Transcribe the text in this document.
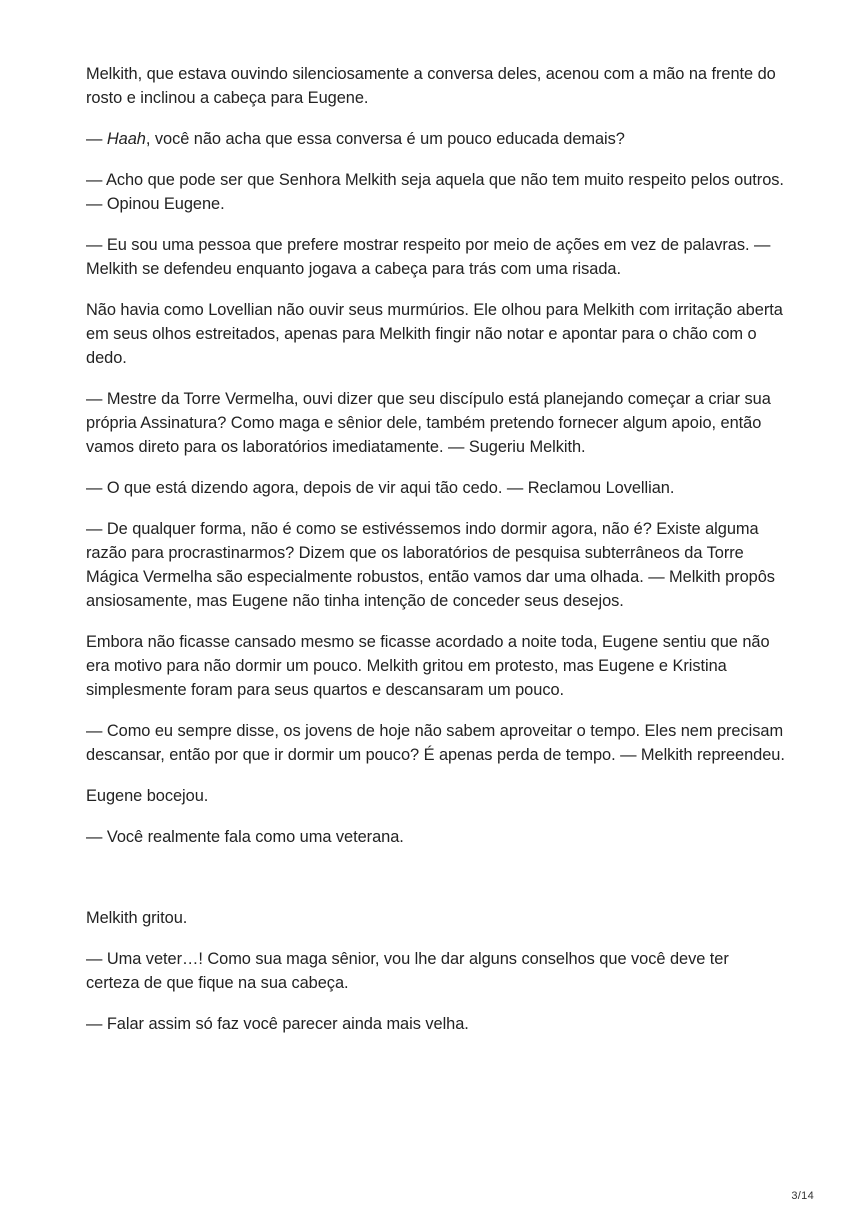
Melkith, que estava ouvindo silenciosamente a conversa deles, acenou com a mão na frente do rosto e inclinou a cabeça para Eugene.

— Haah, você não acha que essa conversa é um pouco educada demais?

— Acho que pode ser que Senhora Melkith seja aquela que não tem muito respeito pelos outros. — Opinou Eugene.

— Eu sou uma pessoa que prefere mostrar respeito por meio de ações em vez de palavras. — Melkith se defendeu enquanto jogava a cabeça para trás com uma risada.

Não havia como Lovellian não ouvir seus murmúrios. Ele olhou para Melkith com irritação aberta em seus olhos estreitados, apenas para Melkith fingir não notar e apontar para o chão com o dedo.

— Mestre da Torre Vermelha, ouvi dizer que seu discípulo está planejando começar a criar sua própria Assinatura? Como maga e sênior dele, também pretendo fornecer algum apoio, então vamos direto para os laboratórios imediatamente. — Sugeriu Melkith.

— O que está dizendo agora, depois de vir aqui tão cedo. — Reclamou Lovellian.

— De qualquer forma, não é como se estivéssemos indo dormir agora, não é? Existe alguma razão para procrastinarmos? Dizem que os laboratórios de pesquisa subterrâneos da Torre Mágica Vermelha são especialmente robustos, então vamos dar uma olhada. — Melkith propôs ansiosamente, mas Eugene não tinha intenção de conceder seus desejos.

Embora não ficasse cansado mesmo se ficasse acordado a noite toda, Eugene sentiu que não era motivo para não dormir um pouco. Melkith gritou em protesto, mas Eugene e Kristina simplesmente foram para seus quartos e descansaram um pouco.

— Como eu sempre disse, os jovens de hoje não sabem aproveitar o tempo. Eles nem precisam descansar, então por que ir dormir um pouco? É apenas perda de tempo. — Melkith repreendeu.

Eugene bocejou.

— Você realmente fala como uma veterana.

Melkith gritou.

— Uma veter…! Como sua maga sênior, vou lhe dar alguns conselhos que você deve ter certeza de que fique na sua cabeça.

— Falar assim só faz você parecer ainda mais velha.

3/14
